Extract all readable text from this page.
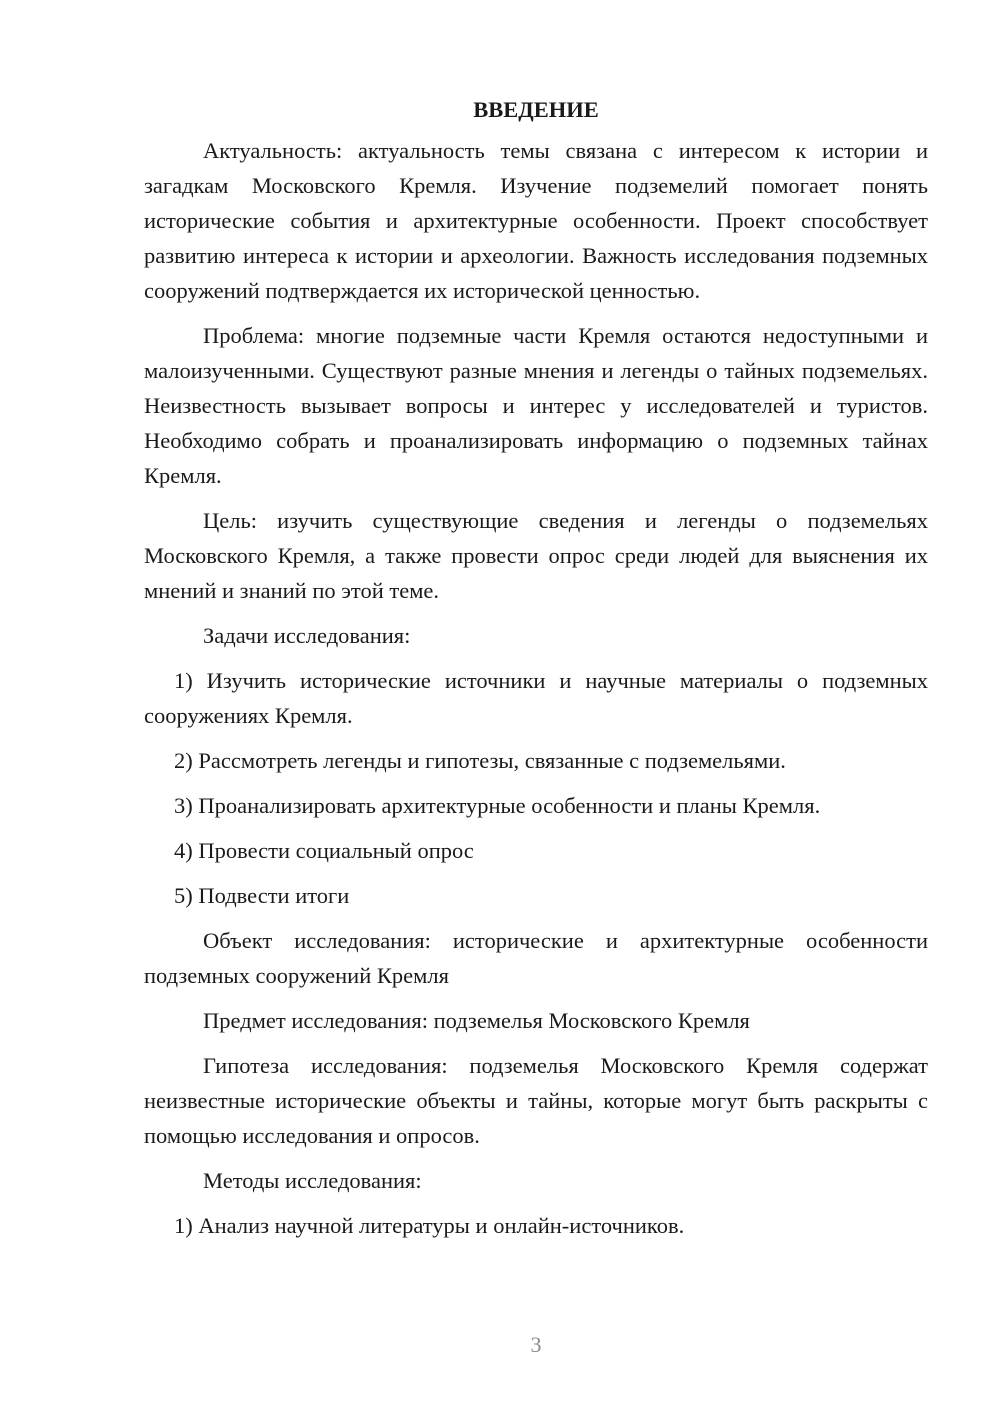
ВВЕДЕНИЕ

Актуальность: актуальность темы связана с интересом к истории и загадкам Московского Кремля. Изучение подземелий помогает понять исторические события и архитектурные особенности. Проект способствует развитию интереса к истории и археологии. Важность исследования подземных сооружений подтверждается их исторической ценностью.

Проблема: многие подземные части Кремля остаются недоступными и малоизученными. Существуют разные мнения и легенды о тайных подземельях. Неизвестность вызывает вопросы и интерес у исследователей и туристов. Необходимо собрать и проанализировать информацию о подземных тайнах Кремля.

Цель: изучить существующие сведения и легенды о подземельях Московского Кремля, а также провести опрос среди людей для выяснения их мнений и знаний по этой теме.

Задачи исследования:

1) Изучить исторические источники и научные материалы о подземных сооружениях Кремля.

2) Рассмотреть легенды и гипотезы, связанные с подземельями.

3) Проанализировать архитектурные особенности и планы Кремля.

4) Провести социальный опрос

5) Подвести итоги

Объект исследования: исторические и архитектурные особенности подземных сооружений Кремля

Предмет исследования: подземелья Московского Кремля

Гипотеза исследования: подземелья Московского Кремля содержат неизвестные исторические объекты и тайны, которые могут быть раскрыты с помощью исследования и опросов.

Методы исследования:

1) Анализ научной литературы и онлайн-источников.

3
